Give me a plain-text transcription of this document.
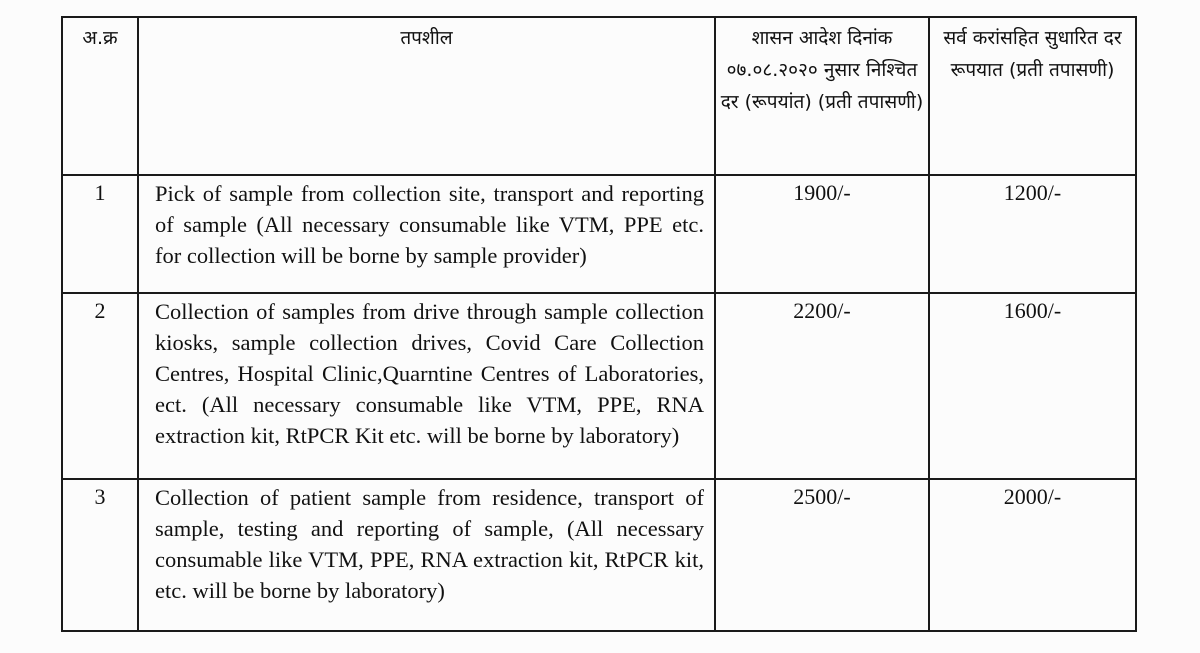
अ.क्र	तपशील	शासन आदेश दिनांक ०७.०८.२०२० नुसार निश्चित दर (रूपयांत) (प्रती तपासणी)	सर्व करांसहित सुधारित दर रूपयात (प्रती तपासणी)
1	Pick of sample from collection site, transport and reporting of sample (All necessary consumable like VTM, PPE etc. for collection will be borne by sample provider)	1900/-	1200/-
2	Collection of samples from drive through sample collection kiosks, sample collection drives, Covid Care Collection Centres, Hospital Clinic,Quarntine Centres of Laboratories, ect. (All necessary consumable like VTM, PPE, RNA extraction kit, RtPCR Kit etc. will be borne by laboratory)	2200/-	1600/-
3	Collection of patient sample from residence, transport of sample, testing and reporting of sample, (All necessary consumable like VTM, PPE, RNA extraction kit, RtPCR kit, etc. will be borne by laboratory)	2500/-	2000/-
